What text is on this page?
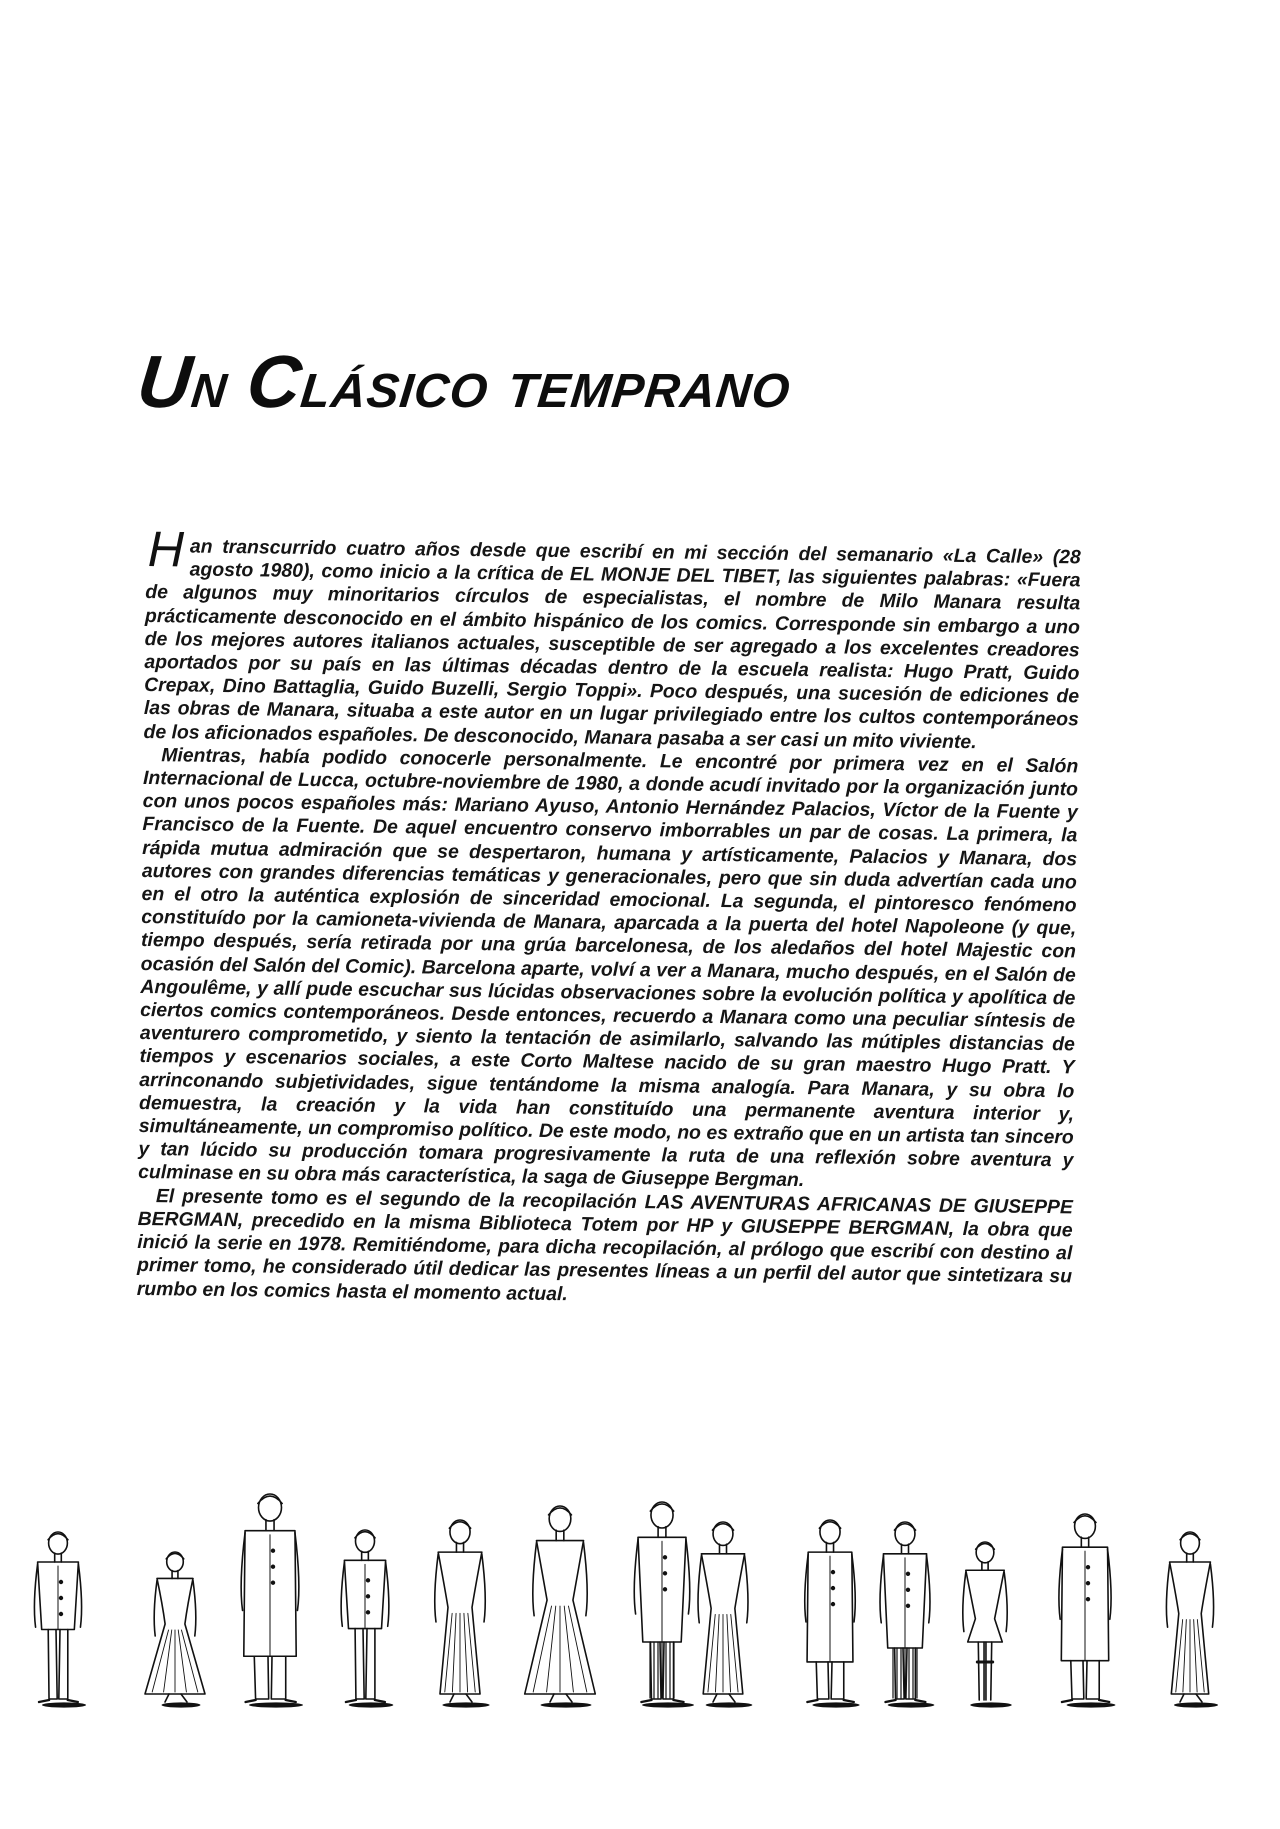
UN CLÁSICO TEMPRANO

Han transcurrido cuatro años desde que escribí en mi sección del semanario «La Calle» (28 agosto 1980), como inicio a la crítica de EL MONJE DEL TIBET, las siguientes palabras: «Fuera de algunos muy minoritarios círculos de especialistas, el nombre de Milo Manara resulta prácticamente desconocido en el ámbito hispánico de los comics. Corresponde sin embargo a uno de los mejores autores italianos actuales, susceptible de ser agregado a los excelentes creadores aportados por su país en las últimas décadas dentro de la escuela realista: Hugo Pratt, Guido Crepax, Dino Battaglia, Guido Buzelli, Sergio Toppi». Poco después, una sucesión de ediciones de las obras de Manara, situaba a este autor en un lugar privilegiado entre los cultos contemporáneos de los aficionados españoles. De desconocido, Manara pasaba a ser casi un mito viviente.

Mientras, había podido conocerle personalmente. Le encontré por primera vez en el Salón Internacional de Lucca, octubre-noviembre de 1980, a donde acudí invitado por la organización junto con unos pocos españoles más: Mariano Ayuso, Antonio Hernández Palacios, Víctor de la Fuente y Francisco de la Fuente. De aquel encuentro conservo imborrables un par de cosas. La primera, la rápida mutua admiración que se despertaron, humana y artísticamente, Palacios y Manara, dos autores con grandes diferencias temáticas y generacionales, pero que sin duda advertían cada uno en el otro la auténtica explosión de sinceridad emocional. La segunda, el pintoresco fenómeno constituído por la camioneta-vivienda de Manara, aparcada a la puerta del hotel Napoleone (y que, tiempo después, sería retirada por una grúa barcelonesa, de los aledaños del hotel Majestic con ocasión del Salón del Comic). Barcelona aparte, volví a ver a Manara, mucho después, en el Salón de Angoulême, y allí pude escuchar sus lúcidas observaciones sobre la evolución política y apolítica de ciertos comics contemporáneos. Desde entonces, recuerdo a Manara como una peculiar síntesis de aventurero comprometido, y siento la tentación de asimilarlo, salvando las mútiples distancias de tiempos y escenarios sociales, a este Corto Maltese nacido de su gran maestro Hugo Pratt. Y arrinconando subjetividades, sigue tentándome la misma analogía. Para Manara, y su obra lo demuestra, la creación y la vida han constituído una permanente aventura interior y, simultáneamente, un compromiso político. De este modo, no es extraño que en un artista tan sincero y tan lúcido su producción tomara progresivamente la ruta de una reflexión sobre aventura y culminase en su obra más característica, la saga de Giuseppe Bergman.

El presente tomo es el segundo de la recopilación LAS AVENTURAS AFRICANAS DE GIUSEPPE BERGMAN, precedido en la misma Biblioteca Totem por HP y GIUSEPPE BERGMAN, la obra que inició la serie en 1978. Remitiéndome, para dicha recopilación, al prólogo que escribí con destino al primer tomo, he considerado útil dedicar las presentes líneas a un perfil del autor que sintetizara su rumbo en los comics hasta el momento actual.
